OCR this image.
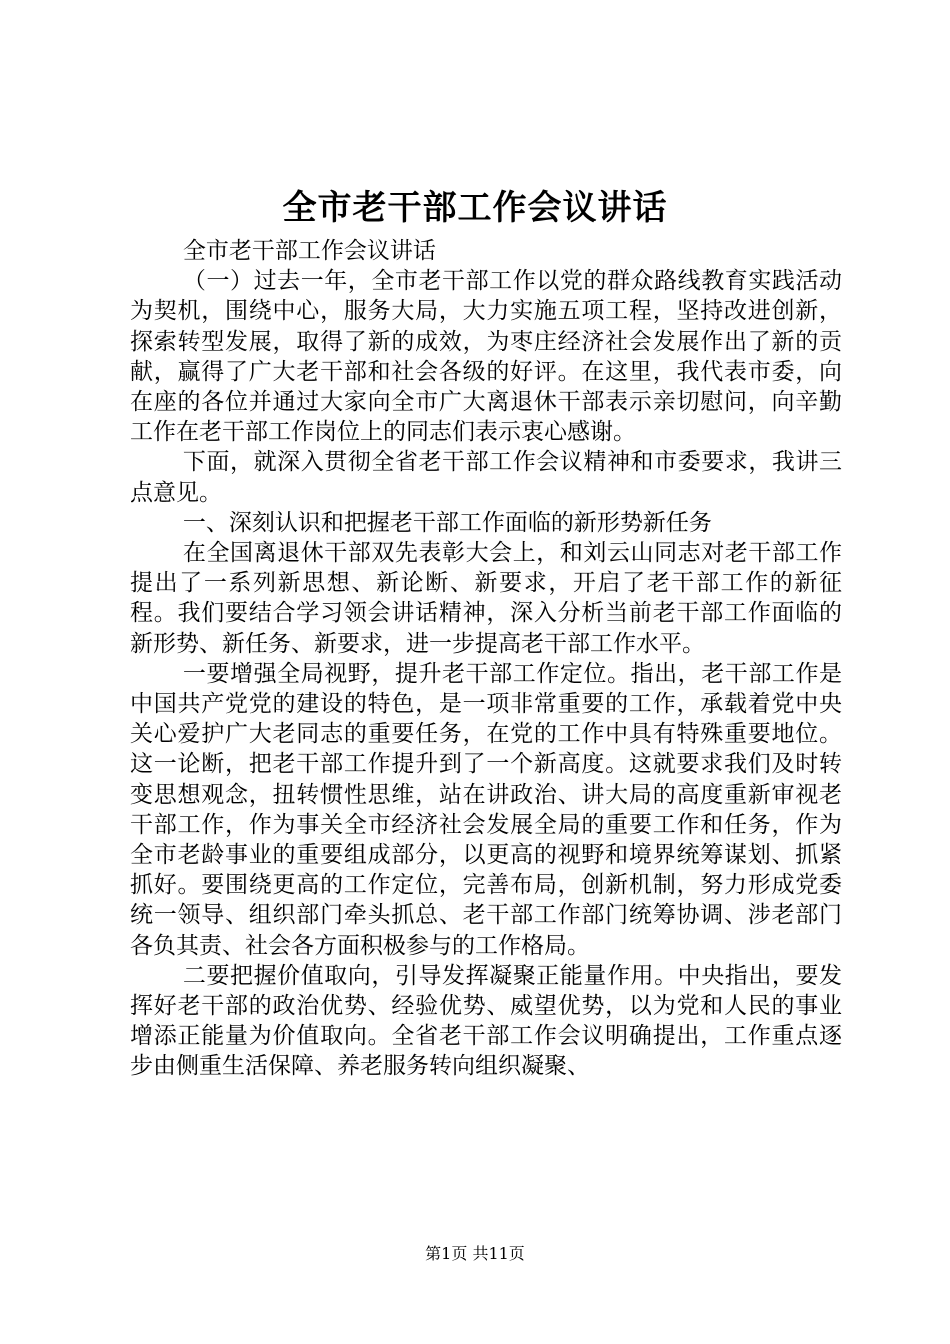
全市老干部工作会议讲话

全市老干部工作会议讲话

（一）过去一年，全市老干部工作以党的群众路线教育实践活动为契机，围绕中心，服务大局，大力实施五项工程，坚持改进创新，探索转型发展，取得了新的成效，为枣庄经济社会发展作出了新的贡献，赢得了广大老干部和社会各级的好评。在这里，我代表市委，向在座的各位并通过大家向全市广大离退休干部表示亲切慰问，向辛勤工作在老干部工作岗位上的同志们表示衷心感谢。

下面，就深入贯彻全省老干部工作会议精神和市委要求，我讲三点意见。

一、深刻认识和把握老干部工作面临的新形势新任务

在全国离退休干部双先表彰大会上，和刘云山同志对老干部工作提出了一系列新思想、新论断、新要求，开启了老干部工作的新征程。我们要结合学习领会讲话精神，深入分析当前老干部工作面临的新形势、新任务、新要求，进一步提高老干部工作水平。

一要增强全局视野，提升老干部工作定位。指出，老干部工作是中国共产党党的建设的特色，是一项非常重要的工作，承载着党中央关心爱护广大老同志的重要任务，在党的工作中具有特殊重要地位。这一论断，把老干部工作提升到了一个新高度。这就要求我们及时转变思想观念，扭转惯性思维，站在讲政治、讲大局的高度重新审视老干部工作，作为事关全市经济社会发展全局的重要工作和任务，作为全市老龄事业的重要组成部分，以更高的视野和境界统筹谋划、抓紧抓好。要围绕更高的工作定位，完善布局，创新机制，努力形成党委统一领导、组织部门牵头抓总、老干部工作部门统筹协调、涉老部门各负其责、社会各方面积极参与的工作格局。

二要把握价值取向，引导发挥凝聚正能量作用。中央指出，要发挥好老干部的政治优势、经验优势、威望优势，以为党和人民的事业增添正能量为价值取向。全省老干部工作会议明确提出，工作重点逐步由侧重生活保障、养老服务转向组织凝聚、

第1页 共11页
